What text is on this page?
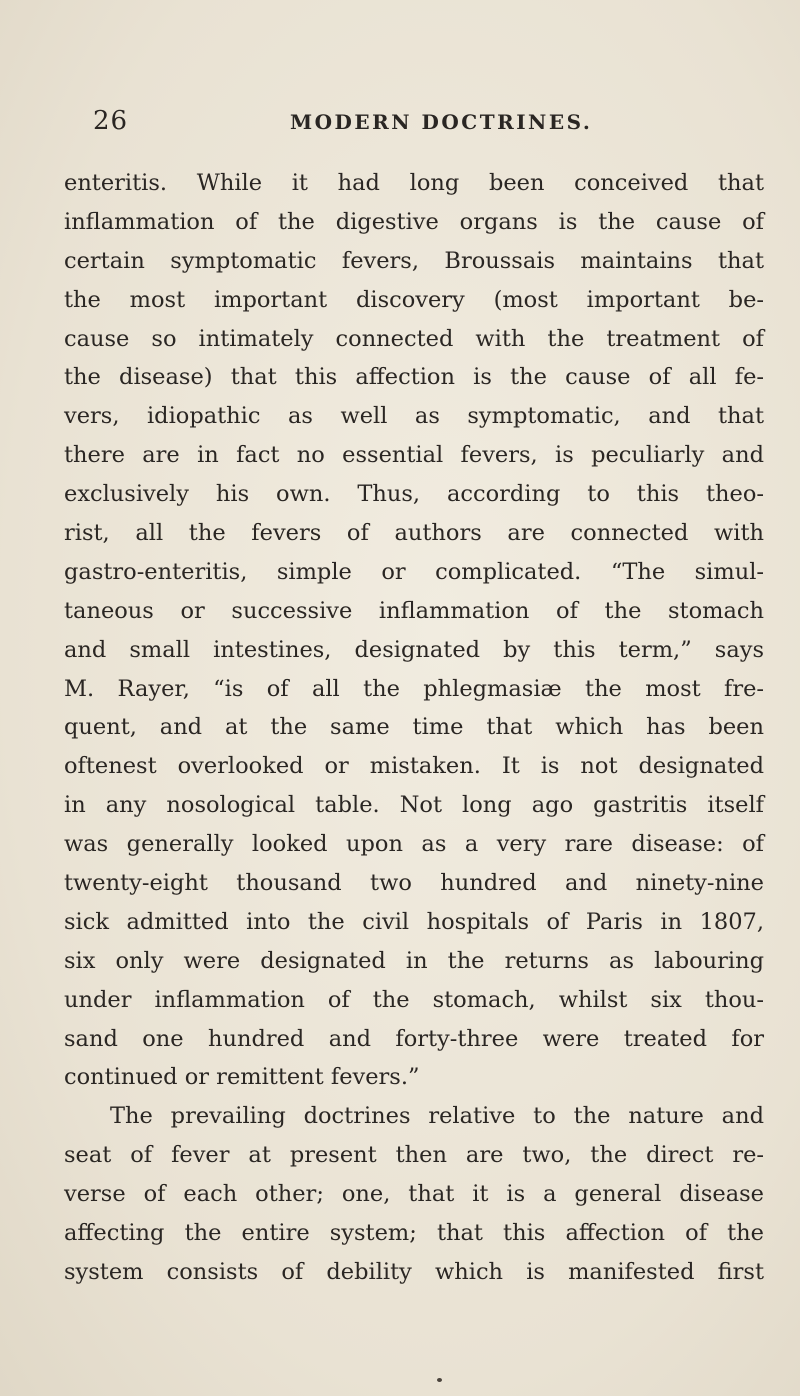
26	MODERN DOCTRINES.
enteritis. While it had long been conceived that
inflammation of the digestive organs is the cause of
certain symptomatic fevers, Broussais maintains that
the most important discovery (most important be-
cause so intimately connected with the treatment of
the disease) that this affection is the cause of all fe-
vers, idiopathic as well as symptomatic, and that
there are in fact no essential fevers, is peculiarly and
exclusively his own. Thus, according to this theo-
rist, all the fevers of authors are connected with
gastro-enteritis, simple or complicated. “The simul-
taneous or successive inflammation of the stomach
and small intestines, designated by this term,” says
M. Rayer, “is of all the phlegmasiæ the most fre-
quent, and at the same time that which has been
oftenest overlooked or mistaken. It is not designated
in any nosological table. Not long ago gastritis itself
was generally looked upon as a very rare disease: of
twenty-eight thousand two hundred and ninety-nine
sick admitted into the civil hospitals of Paris in 1807,
six only were designated in the returns as labouring
under inflammation of the stomach, whilst six thou-
sand one hundred and forty-three were treated for
continued or remittent fevers.”
The prevailing doctrines relative to the nature and
seat of fever at present then are two, the direct re-
verse of each other; one, that it is a general disease
affecting the entire system; that this affection of the
system consists of debility which is manifested first
